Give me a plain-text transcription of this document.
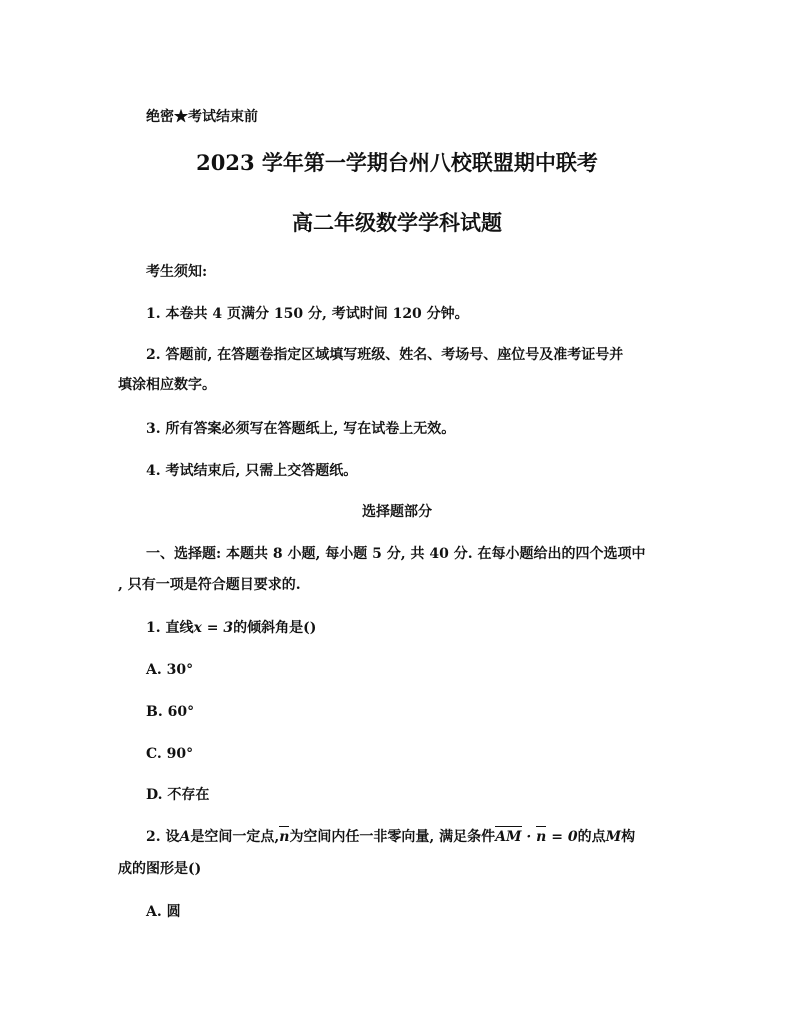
绝密★考试结束前
2023 学年第一学期台州八校联盟期中联考
高二年级数学学科试题
考生须知:
1. 本卷共 4 页满分 150 分, 考试时间 120 分钟。
2. 答题前, 在答题卷指定区域填写班级、姓名、考场号、座位号及准考证号并
填涂相应数字。
3. 所有答案必须写在答题纸上, 写在试卷上无效。
4. 考试结束后, 只需上交答题纸。
选择题部分
一、选择题: 本题共 8 小题, 每小题 5 分, 共 40 分. 在每小题给出的四个选项中
, 只有一项是符合题目要求的.
1. 直线x = 3的倾斜角是()
A. 30°
B. 60°
C. 90°
D. 不存在
2. 设A是空间一定点,n为空间内任一非零向量, 满足条件AM · n = 0的点M构
成的图形是()
A. 圆
